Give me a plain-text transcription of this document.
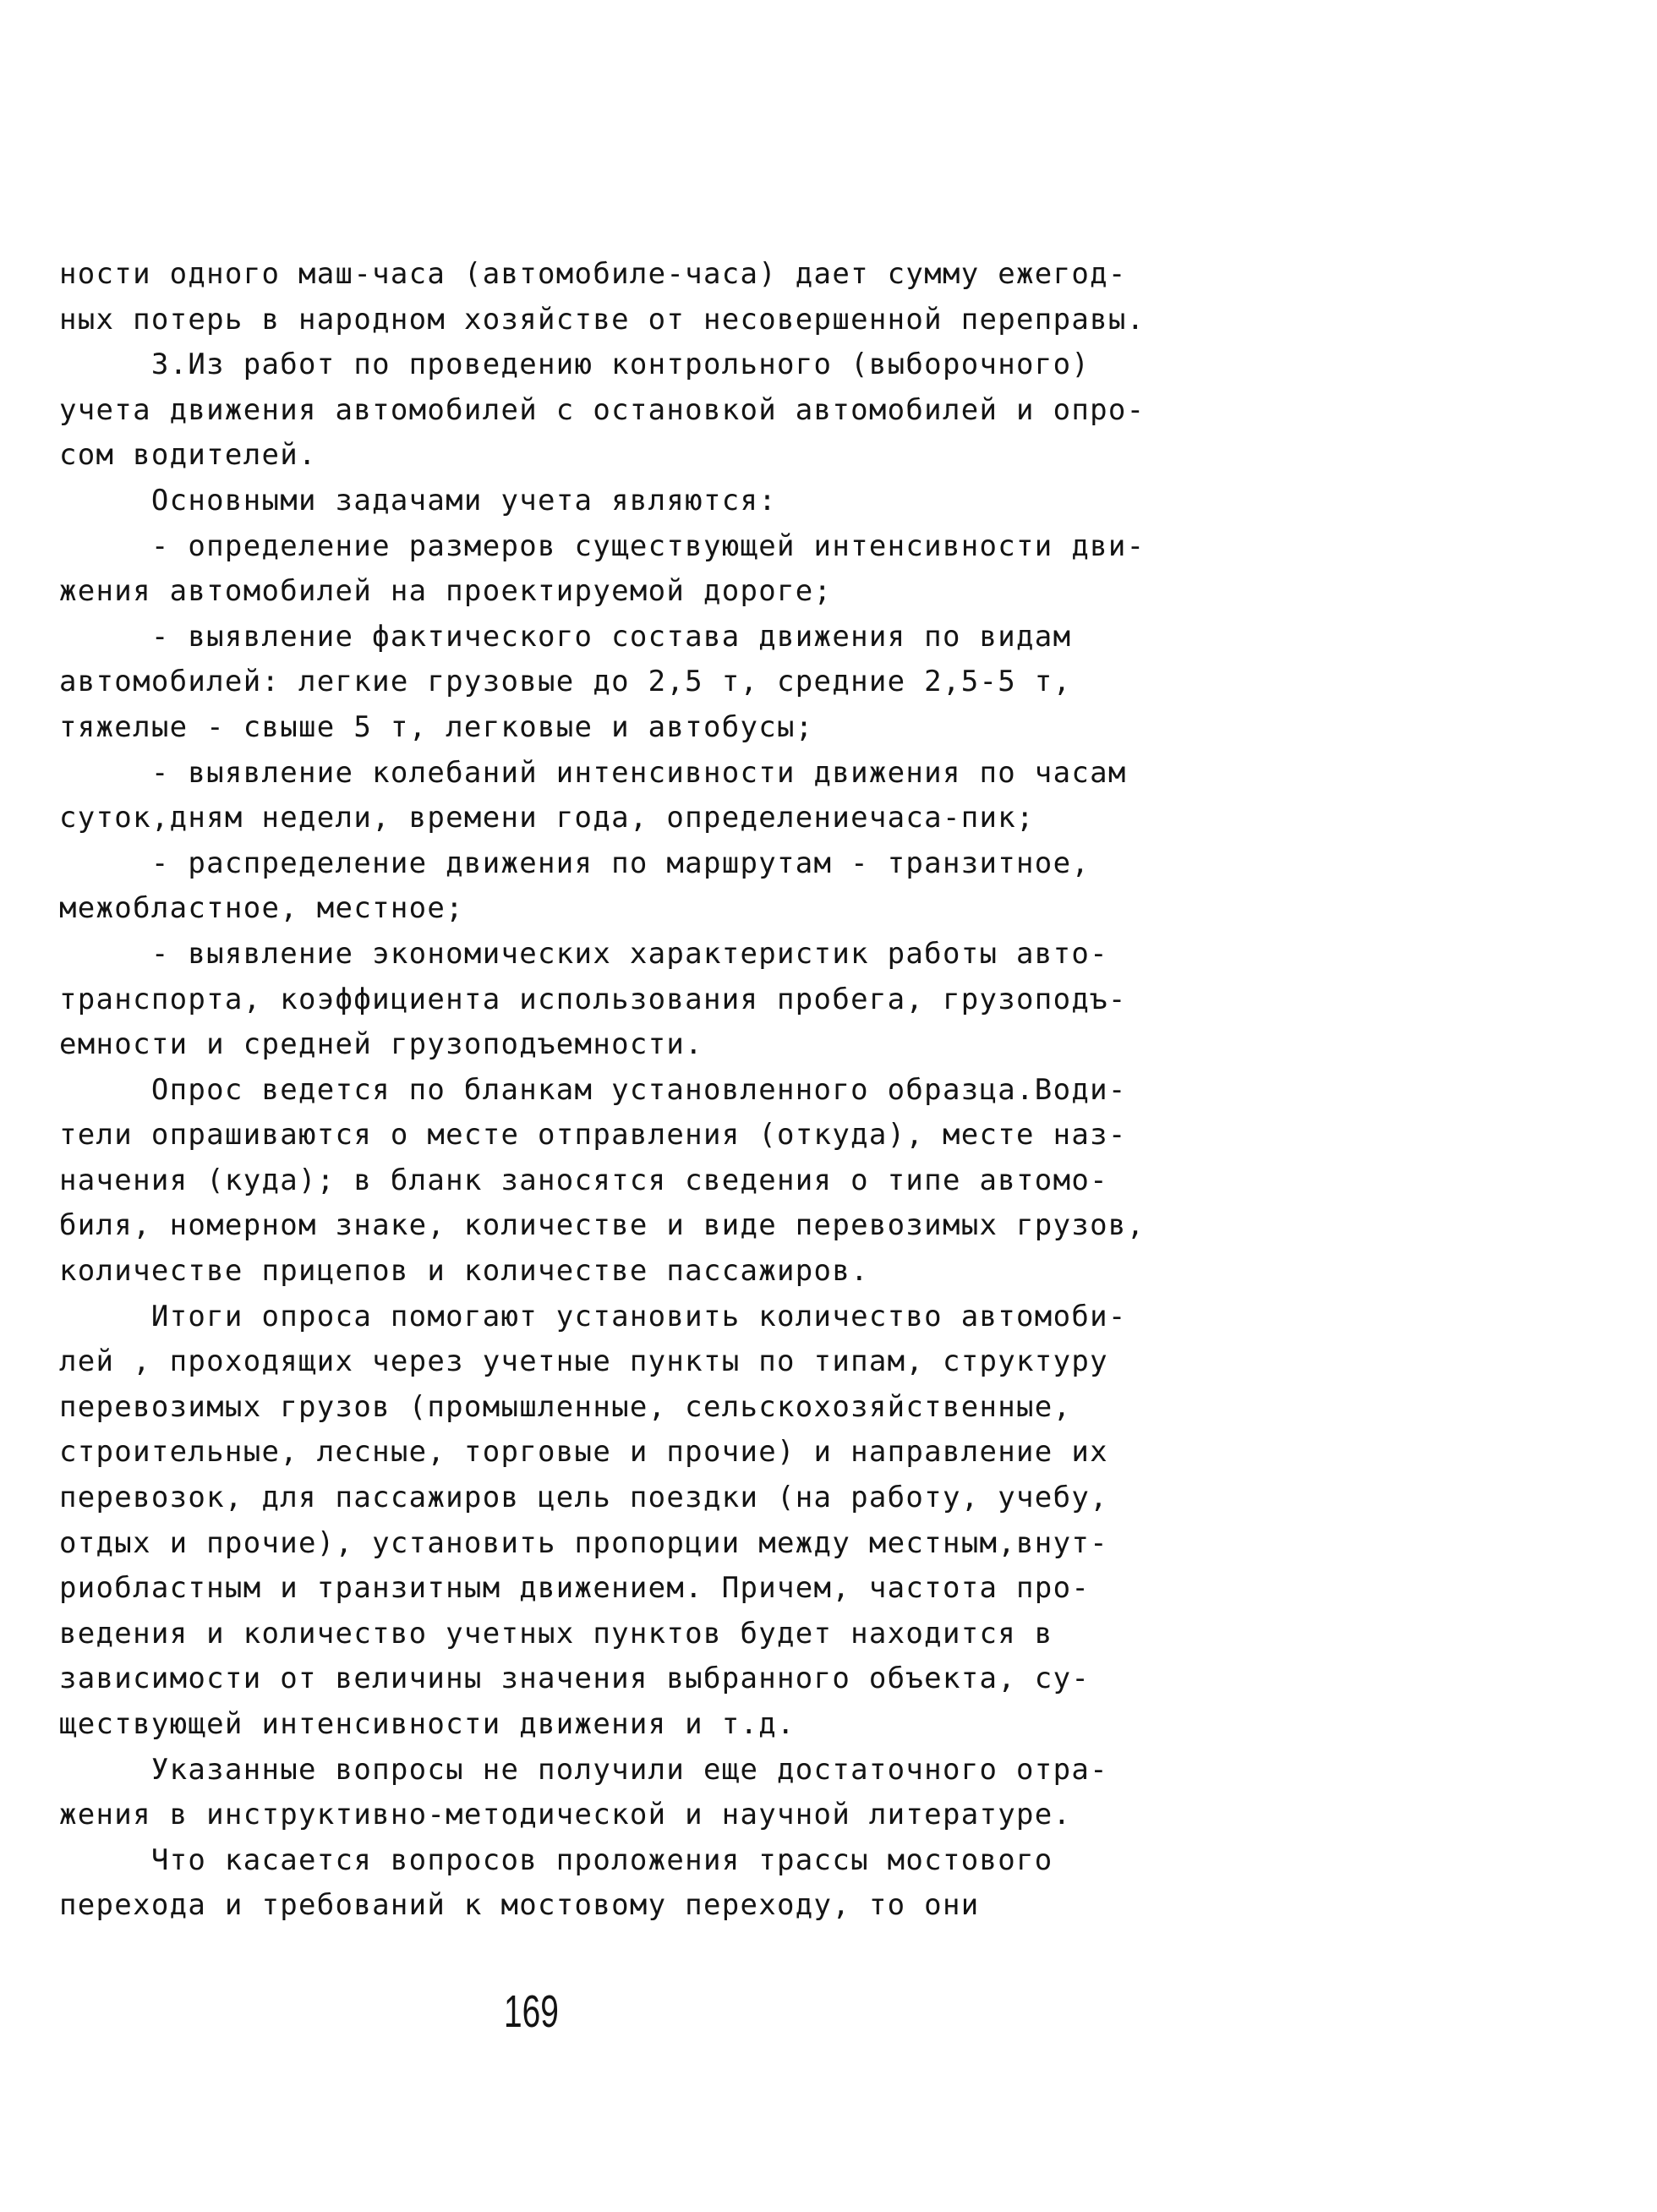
ности одного маш-часа (автомобиле-часа) дает сумму ежегод-
ных потерь в народном хозяйстве от несовершенной переправы.
3.Из работ по проведению контрольного (выборочного)
учета движения автомобилей с остановкой автомобилей и опро-
сом водителей.
Основными задачами учета являются:
- определение размеров существующей интенсивности дви-
жения автомобилей на проектируемой дороге;
- выявление фактического состава движения по видам
автомобилей: легкие грузовые до 2,5 т, средние 2,5-5 т,
тяжелые - свыше 5 т, легковые и автобусы;
- выявление колебаний интенсивности движения по часам
суток,дням недели, времени года, определениечаса-пик;
- распределение движения по маршрутам - транзитное,
межобластное, местное;
- выявление экономических характеристик работы авто-
транспорта, коэффициента использования пробега, грузоподъ-
емности и средней грузоподъемности.
Опрос ведется по бланкам установленного образца.Води-
тели опрашиваются о месте отправления (откуда), месте наз-
начения (куда); в бланк заносятся сведения о типе автомо-
биля, номерном знаке, количестве и виде перевозимых грузов,
количестве прицепов и количестве пассажиров.
Итоги опроса помогают установить количество автомоби-
лей , проходящих через учетные пункты по типам, структуру
перевозимых грузов (промышленные, сельскохозяйственные,
строительные, лесные, торговые и прочие) и направление их
перевозок, для пассажиров цель поездки (на работу, учебу,
отдых и прочие), установить пропорции между местным,внут-
риобластным и транзитным движением. Причем, частота про-
ведения и количество учетных пунктов будет находится в
зависимости от величины значения выбранного объекта, су-
ществующей интенсивности движения и т.д.
Указанные вопросы не получили еще достаточного отра-
жения в инструктивно-методической и научной литературе.
Что касается вопросов проложения трассы мостового
перехода и требований к мостовому переходу, то они
169
